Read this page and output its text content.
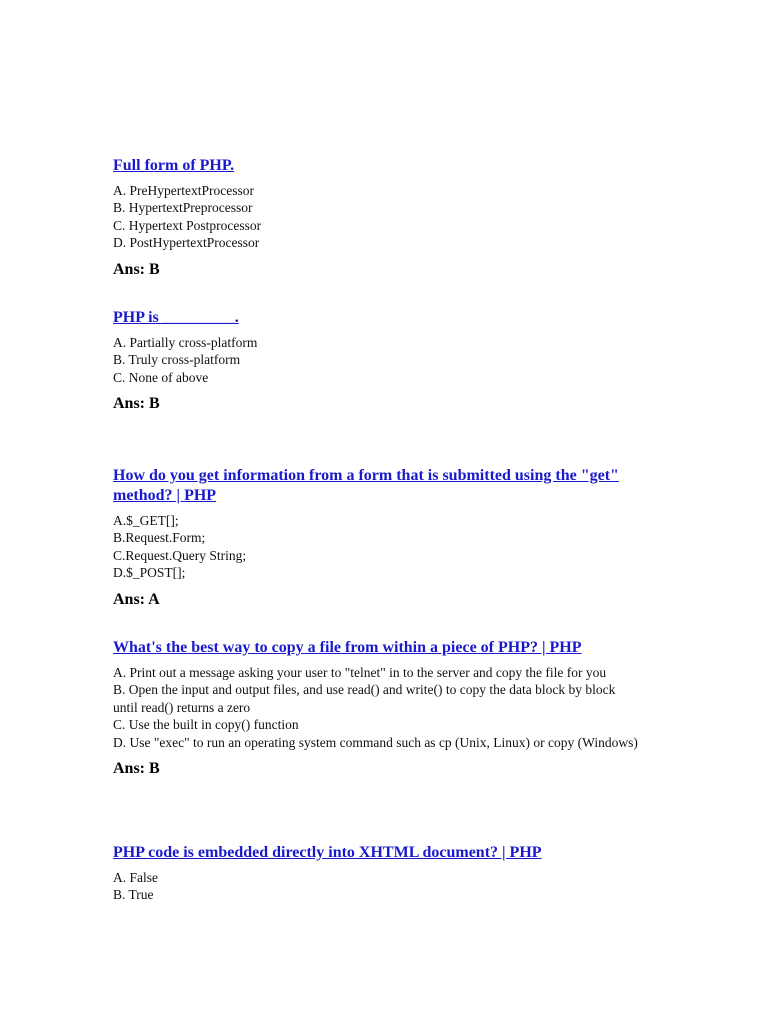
Full form of PHP.
A. PreHypertextProcessor
B. HypertextPreprocessor
C. Hypertext Postprocessor
D. PostHypertextProcessor
Ans: B
PHP is _________.
A. Partially cross-platform
B. Truly cross-platform
C. None of above
Ans: B
How do you get information from a form that is submitted using the "get" method? | PHP
A.$_GET[];
B.Request.Form;
C.Request.Query String;
D.$_POST[];
Ans: A
What's the best way to copy a file from within a piece of PHP? | PHP
A. Print out a message asking your user to "telnet" in to the server and copy the file for you
B. Open the input and output files, and use read() and write() to copy the data block by block until read() returns a zero
C. Use the built in copy() function
D. Use "exec" to run an operating system command such as cp (Unix, Linux) or copy (Windows)
Ans: B
PHP code is embedded directly into XHTML document? | PHP
A. False
B. True
